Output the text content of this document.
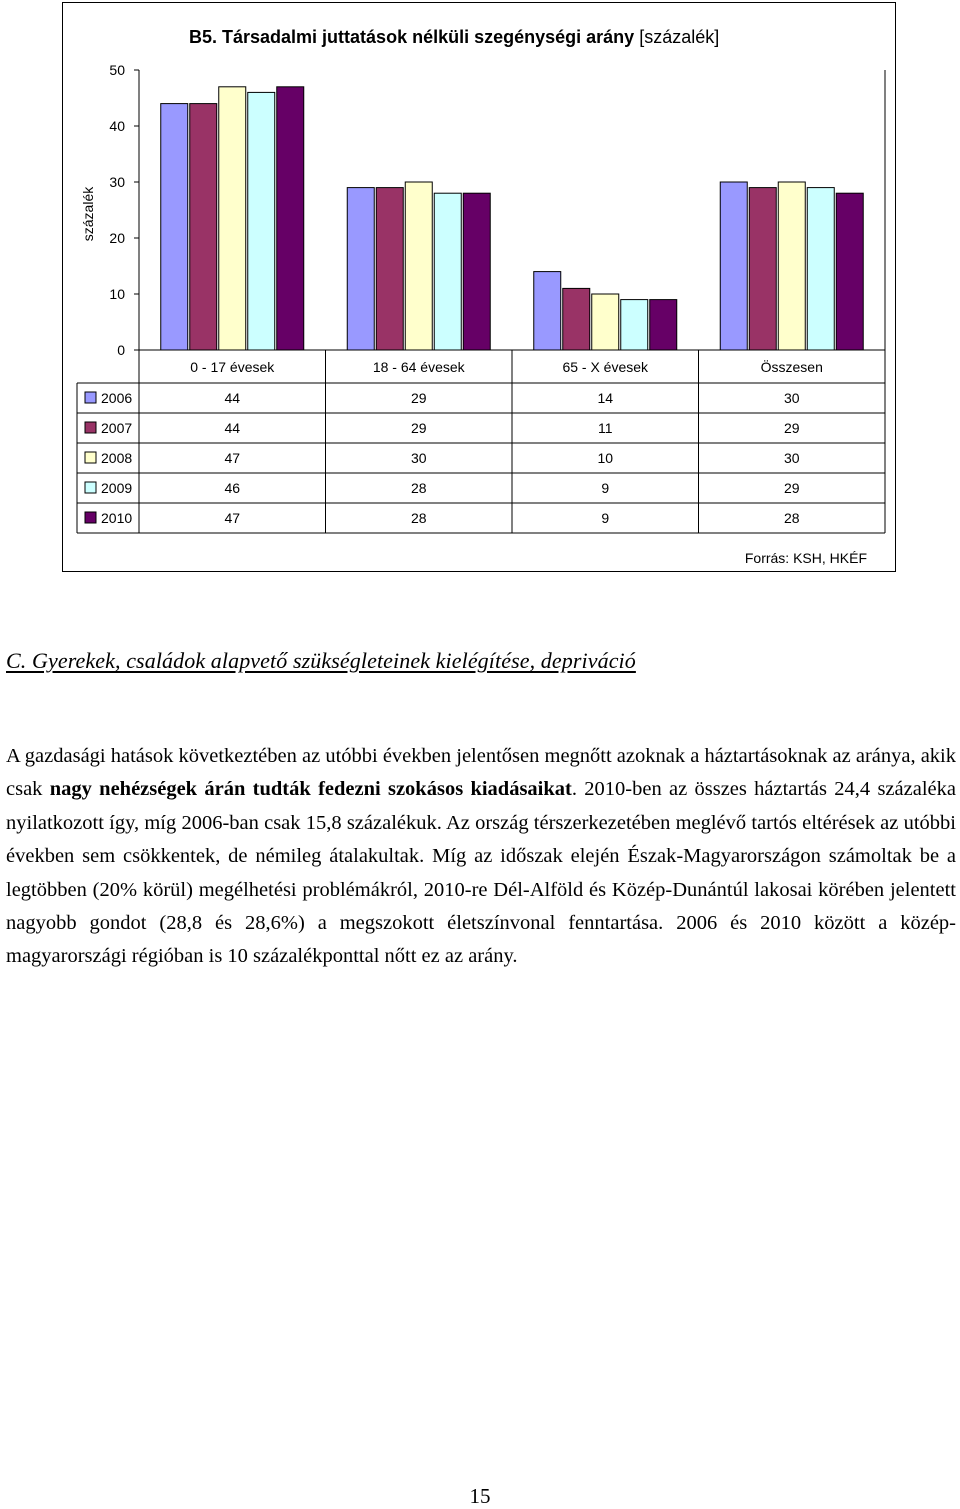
B5. Társadalmi juttatások nélküli szegénységi arány [százalék]
százalék
0
10
20
30
40
50
0 - 17 évesek	18 - 64 évesek	65 - X évesek	Összesen
2006	44	29	14	30
2007	44	29	11	29
2008	47	30	10	30
2009	46	28	9	29
2010	47	28	9	28
Forrás: KSH, HKÉF
C. Gyerekek, családok alapvető szükségleteinek kielégítése, depriváció

A gazdasági hatások következtében az utóbbi években jelentősen megnőtt azoknak a háztartásoknak az aránya, akik csak nagy nehézségek árán tudták fedezni szokásos kiadásaikat. 2010-ben az összes háztartás 24,4 százaléka nyilatkozott így, míg 2006-ban csak 15,8 százalékuk. Az ország térszerkezetében meglévő tartós eltérések az utóbbi években sem csökkentek, de némileg átalakultak. Míg az időszak elején Észak-Magyarországon számoltak be a legtöbben (20% körül) megélhetési problémákról, 2010-re Dél-Alföld és Közép-Dunántúl lakosai körében jelentett nagyobb gondot (28,8 és 28,6%) a megszokott életszínvonal fenntartása. 2006 és 2010 között a közép-magyarországi régióban is 10 százalékponttal nőtt ez az arány.

15
